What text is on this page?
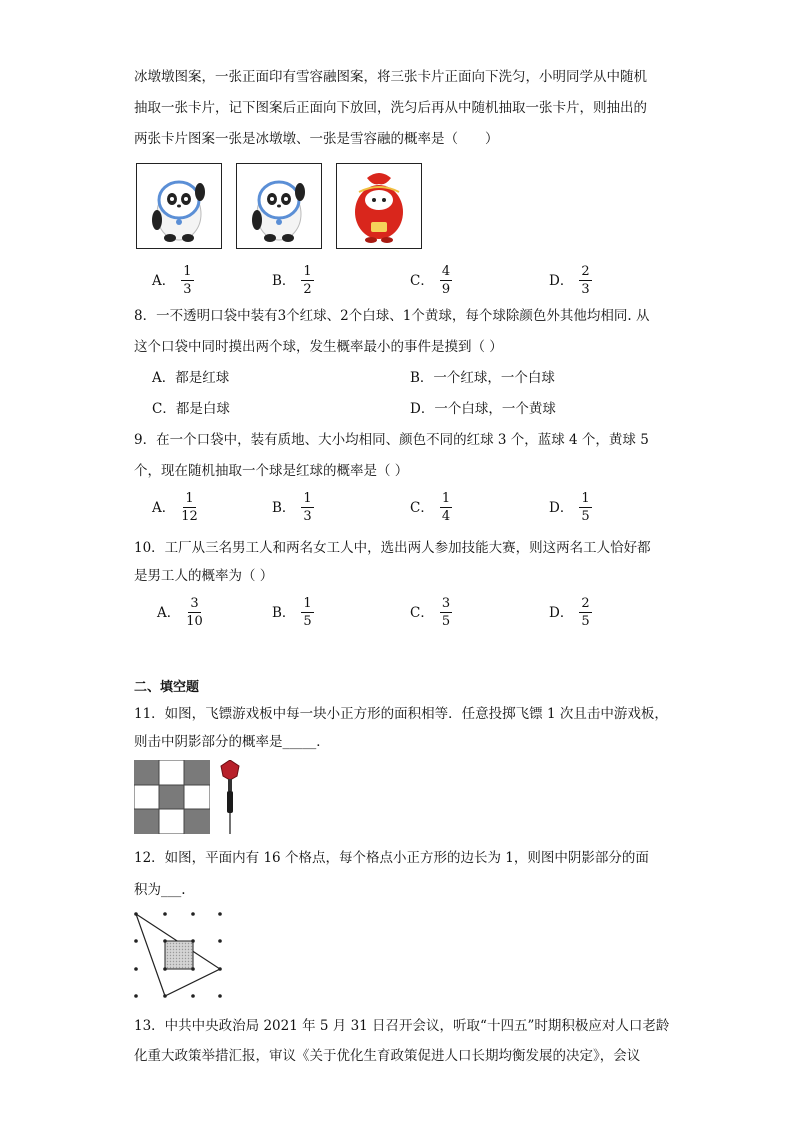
冰墩墩图案，一张正面印有雪容融图案，将三张卡片正面向下洗匀，小明同学从中随机
抽取一张卡片，记下图案后正面向下放回，洗匀后再从中随机抽取一张卡片，则抽出的
两张卡片图案一张是冰墩墩、一张是雪容融的概率是（　　）
A． $\frac{1}{3}$	B． $\frac{1}{2}$	C． $\frac{4}{9}$	D． $\frac{2}{3}$
8．一不透明口袋中装有3个红球、2个白球、1个黄球，每个球除颜色外其他均相同. 从
这个口袋中同时摸出两个球，发生概率最小的事件是摸到（ ）
A．都是红球	B．一个红球，一个白球
C．都是白球	D．一个白球，一个黄球
9．在一个口袋中，装有质地、大小均相同、颜色不同的红球 3 个，蓝球 4 个，黄球 5
个，现在随机抽取一个球是红球的概率是（ ）
A． $\frac{1}{12}$	B． $\frac{1}{3}$	C． $\frac{1}{4}$	D． $\frac{1}{5}$
10．工厂从三名男工人和两名女工人中，选出两人参加技能大赛，则这两名工人恰好都
是男工人的概率为（ ）
A． $\frac{3}{10}$	B． $\frac{1}{5}$	C． $\frac{3}{5}$	D． $\frac{2}{5}$
二、填空题
11．如图，飞镖游戏板中每一块小正方形的面积相等．任意投掷飞镖 1 次且击中游戏板，
则击中阴影部分的概率是_____．
12．如图，平面内有 16 个格点，每个格点小正方形的边长为 1，则图中阴影部分的面
积为___.
13．中共中央政治局 2021 年 5 月 31 日召开会议，听取“十四五”时期积极应对人口老龄
化重大政策举措汇报，审议《关于优化生育政策促进人口长期均衡发展的决定》，会议
